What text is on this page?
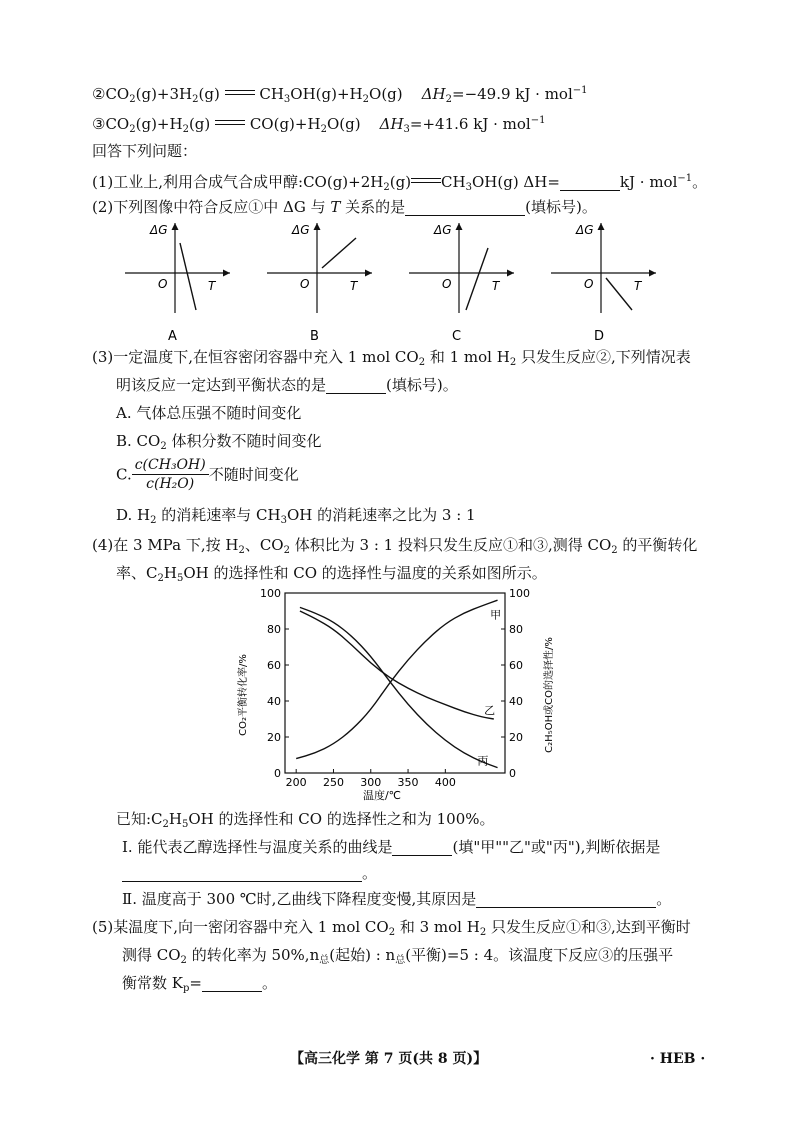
$②CO_2(g)+3H_2(g)$	$CH_3OH(g)+H_2O(g)$ $\Delta H_2=-49.9$ kJ · mol$^{-1}$
$③CO_2(g)+H_2(g)$	$CO(g)+H_2O(g)$ $\Delta H_3=+41.6$ kJ · mol$^{-1}$
回答下列问题：
(1)工业上,利用合成气合成甲醇$:CO(g)+2H_2(g)$ $CH_3OH(g)$ ΔH=	kJ · mol$^{-1}$。
(2)下列图像中符合反应①中 ΔG 与 T 关系的是	(填标号)。
ΔG
T
O
A
ΔG
T
O
B
ΔG
T
O
C
ΔG
T
O
D
(3)一定温度下,在恒容密闭容器中充入 1 mol $CO_2$ 和 1 mol $H_2$ 只发生反应②,下列情况表
明该反应一定达到平衡状态的是	(填标号)。
A. 气体总压强不随时间变化
B. $CO_2$ 体积分数不随时间变化
C. $\frac{\text{c(CH₃OH)}}{\text{c(H₂O)}}$ 不随时间变化
D. $H_2$ 的消耗速率与 $CH_3OH$ 的消耗速率之比为 3 : 1
(4)在 3 MPa 下,按 $H_2$、$CO_2$ 体积比为 3 : 1 投料只发生反应①和③,测得 $CO_2$ 的平衡转化
率、$C_2H_5OH$ 的选择性和 CO 的选择性与温度的关系如图所示。
200 250 300 350 400
0	0
20	20
40	40
60	60
80	80
100	100
甲
乙
丙
CO₂平衡转化率/%	C₂H₅OH或CO的选择性/%
温度/℃
已知$:C_2H_5OH$ 的选择性和 CO 的选择性之和为 100%。
Ⅰ. 能代表乙醇选择性与温度关系的曲线是	(填"甲""乙"或"丙"),判断依据是
。
Ⅱ. 温度高于 300 ℃时,乙曲线下降程度变慢,其原因是	。
(5)某温度下,向一密闭容器中充入 1 mol $CO_2$ 和 3 mol $H_2$ 只发生反应①和③,达到平衡时
测得 $CO_2$ 的转化率为 $50\%,n_总$(起始) : $n_总$(平衡)=5 : 4。该温度下反应③的压强平
衡常数 $K_p=$	。
【高三化学 第 7 页(共 8 页)】	· HEB ·
